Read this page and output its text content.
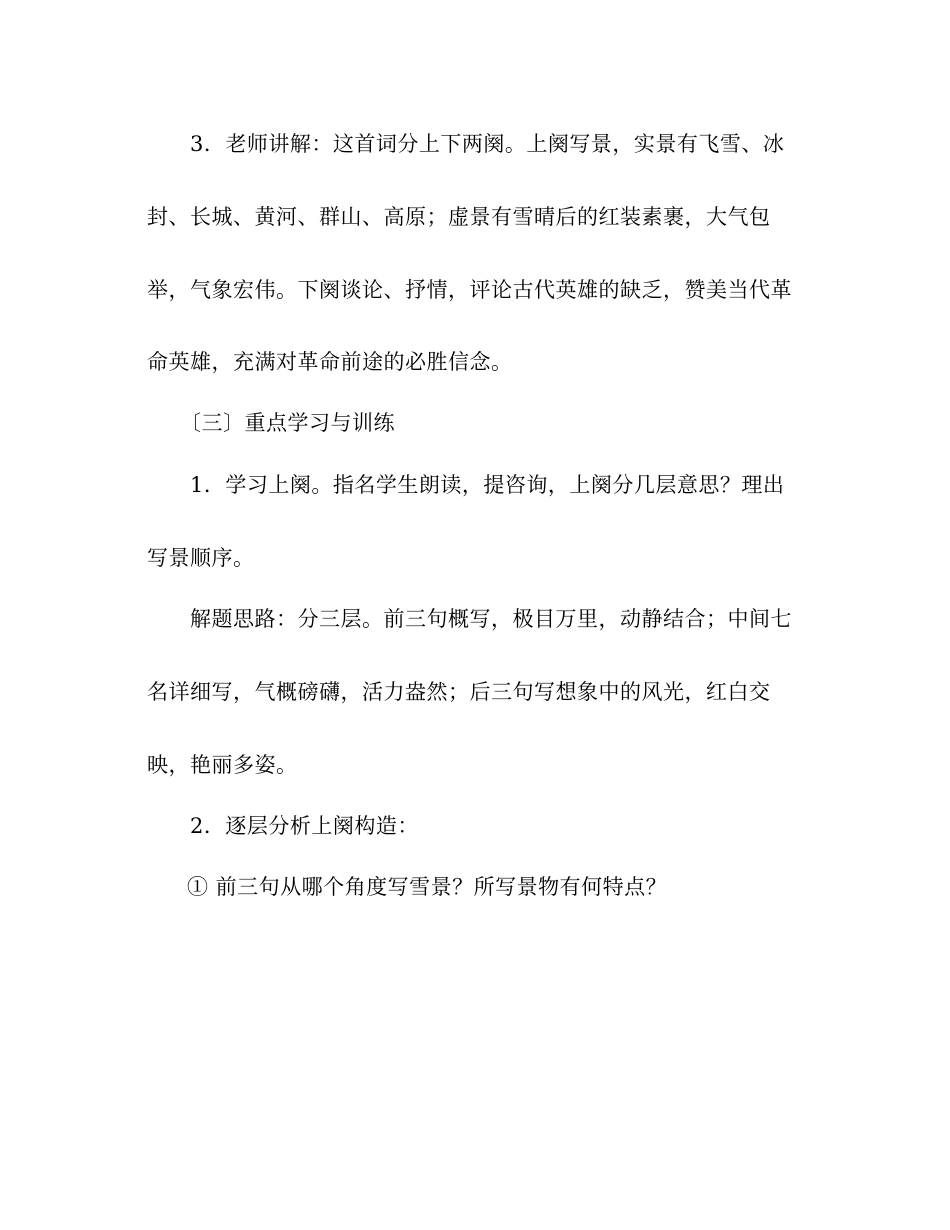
3．老师讲解：这首词分上下两阕。上阕写景，实景有飞雪、冰
封、长城、黄河、群山、高原；虚景有雪晴后的红装素裹，大气包
举，气象宏伟。下阕谈论、抒情，评论古代英雄的缺乏，赞美当代革
命英雄，充满对革命前途的必胜信念。
〔三〕重点学习与训练
1．学习上阕。指名学生朗读，提咨询，上阕分几层意思？理出
写景顺序。
解题思路：分三层。前三句概写，极目万里，动静结合；中间七
名详细写，气概磅礴，活力盎然；后三句写想象中的风光，红白交
映，艳丽多姿。
2．逐层分析上阕构造：
① 前三句从哪个角度写雪景？所写景物有何特点？
